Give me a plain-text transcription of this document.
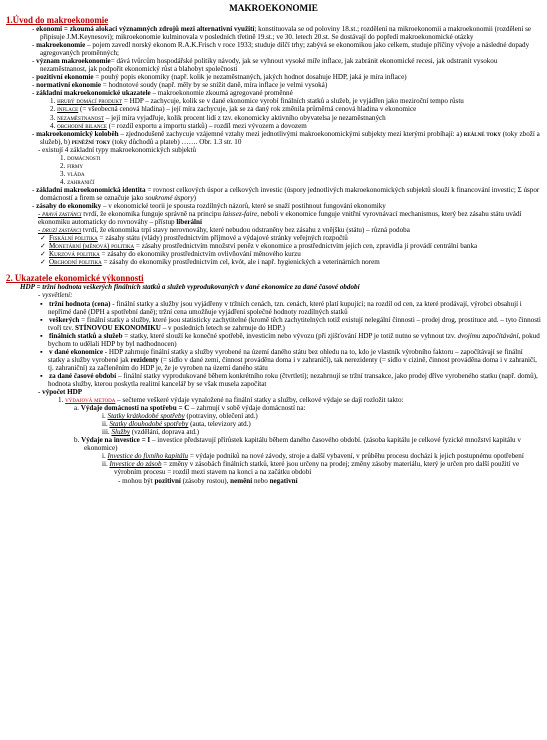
MAKROEKONOMIE
1.Úvod do makroekonomie
- ekonomi = zkoumá alokaci významných zdrojů mezi alternativní využití; konstituovala se od poloviny 18.st.; rozdělení na mikroekonomii a makroekonomii (rozdělení se připisuje J.M.Keynesovi); mikroekonomie kulminovala v posledních třetině 19.st.; ve 30. letech 20.st. Se dostávají do popředí makroekonomické otázky
- makroekonomie – pojem zavedl norský ekonom R.A.K.Frisch v roce 1933; studuje dílčí trhy; zabývá se ekonomikou jako celkem, studuje příčiny vývoje a následné dopady agregovaných proměnných;
- význam makroekonomie= dává tvůrcům hospodářské politiky návody, jak se vyhnout vysoké míře inflace, jak zabránit ekonomické recesi, jak odstranit vysokou nezaměstnanost, jak podpořit ekonomický růst a blahobyt společnosti
- pozitivní ekonomie = pouhý popis ekonomiky (např. kolik je nezaměstnaných, jakých hodnot dosahuje HDP, jaká je míra inflace)
- normativní ekonomie = hodnotové soudy (např. měly by se snížit daně, míra inflace je velmi vysoká)
- základní makroekonomické ukazatele – makroekonomie zkoumá agregované proměnné
1. hrubý domácí produkt = HDP – zachycuje, kolik se v dané ekonomice vyrobí finálních statků a služeb, je vyjádřen jako meziroční tempo růstu
2. inflace (= všeobecná cenová hladina) – její míra zachycuje, jak se za daný rok změnila průměrná cenová hladina v ekonomice
3. nezaměstnanost – její míra vyjadřuje, kolik procent lidí z tzv. ekonomicky aktivního obyvatelsa je nezaměstnaných
4. obchodní bilance (= rozdíl exportu a importu statků) – rozdíl mezi vývozem a dovozem
- makroekonomický koloběh – zjednodušeně zachycuje vzájemné vztahy mezi jednotlivými makroekonomickými subjekty mezi kterými probíhají: a) reálné toky (toky zboží a služeb), b) peněžní toky (toky důchodů a plateb) ……. Obr. 1.3 str. 10
- existují 4 základní typy makroekonomických subjektů
1. domácnosti
2. firmy
3. vláda
4. zahraničí
- základní makroekonomická identita = rovnost celkových úspor a celkových investic (úspory jednotlivých makroekonomických subjektů slouží k financování investic; Σ úspor domácností a firem se označuje jako soukromé úspory)
- zásahy do ekonomiky – v ekonomické teorii je spousta rozdílných názorů, které se snaží postihnout fungování ekonomiky
- pravá zastánci tvrdí, že ekonomika funguje správně na principu laissez-faire, neboli v ekonomice funguje vnitřní vyrovnávací mechanismus, který bez zásahu státu uvádí ekonomiku automaticky do rovnováhy – přístup liberální
- druzí zastánci tvrdí, že ekonomika trpí stavy nerovnováhy, které nebudou odstraněny bez zásahu z vnějšku (státu) – různá podoba
✓ Fiskální politika = zásahy státu (vlády) prostřednictvím příjmové a výdajové stránky veřejných rozpočtů
✓ Monetární (měnová) politika = zásahy prostřednictvím množství peněz v ekonomice a prostřednictvím jejich cen, zpravidla ji provádí centrální banka
✓ Kurzová politika = zásahy do ekonomiky prostřednictvím ovlivňování měnového kurzu
✓ Obchodní politika = zásahy do ekonomiky prostřednictvím cel, kvót, ale i např. hygienických a veterinárních norem
2. Ukazatele ekonomické výkonnosti
HDP = tržní hodnota veškerých finálních statků a služeb vyprodukovaných v dané ekonomice za dané časové období
- vysvětlení:
▪ tržní hodnota (cena) - finální statky a služby jsou vyjádřeny v tržních cenách, tzn. cenách, které platí kupující; na rozdíl od cen, za které prodávají, výrobci obsahují i nepřímé daně (DPH a spotřební daně); tržní cena umožňuje vyjádření společné hodnoty rozdílných statků
▪ veškerých = finální statky a služby, které jsou statisticky zachytitelné (kromě těch zachytitelných totiž existují nelegální činnosti – prodej drog, prostituce atd. – tyto činnosti tvoří tzv. STÍNOVOU EKONOMIKU – v posledních letech se zahrnuje do HDP.)
▪ finálních statků a služeb = statky, které slouží ke konečné spotřebě, investicím nebo vývozu (při zjišťování HDP je totiž nutno se vyhnout tzv. dvojímu započítávání, pokud bychom to udělali HDP by byl nadhodnocen)
▪ v dané ekonomice - HDP zahrnuje finální statky a služby vyrobené na území daného státu bez ohledu na to, kdo je vlastník výrobního faktoru – započítávají se finální statky a služby vyrobené jak rezidenty (= sídlo v dané zemi, činnost prováděna doma i v zahraničí), tak nerezidenty (= sídlo v cizině, činnost prováděna doma i v zahraničí, tj. zahraniční) za začleněním do HDP je, že je vyroben na území daného státu
▪ za dané časové období – finální statky vyprodukované během konkrétního roku (čtvrtletí); nezahrnují se tržní transakce, jako prodej dříve vyrobeného statku (např. domů), hodnota služby, kterou poskytla realitní kancelář by se však musela započítat
- výpočet HDP
1. výdajová metoda – sečteme veškeré výdaje vynaložené na finální statky a služby, celkové výdaje se dají rozložit takto:
a. Výdaje domácností na spotřebu = C – zahrnují v sobě výdaje domácností na:
i. Statky krátkodobé spotřeby (potraviny, oblečení atd.)
ii. Statky dlouhodobé spotřeby (auta, televizory atd.)
iii. Služby (vzdělání, doprava atd.)
b. Výdaje na investice = I – investice představují přírůstek kapitálu během daného časového období. (zásoba kapitálu je celkové fyzické množství kapitálu v ekonomice)
i. Investice do fixního kapitálu = výdaje podniků na nové závody, stroje a další vybavení, v průběhu procesu dochází k jejich postupnému opotřebení
ii. Investice do zásob = změny v zásobách finálních statků, které jsou určeny na prodej; změny zásoby materiálu, který je určen pro další použití ve výrobním procesu = rozdíl mezi stavem na konci a na začátku období
- mohou být pozitivní (zásoby rostou), nemění nebo negativní
